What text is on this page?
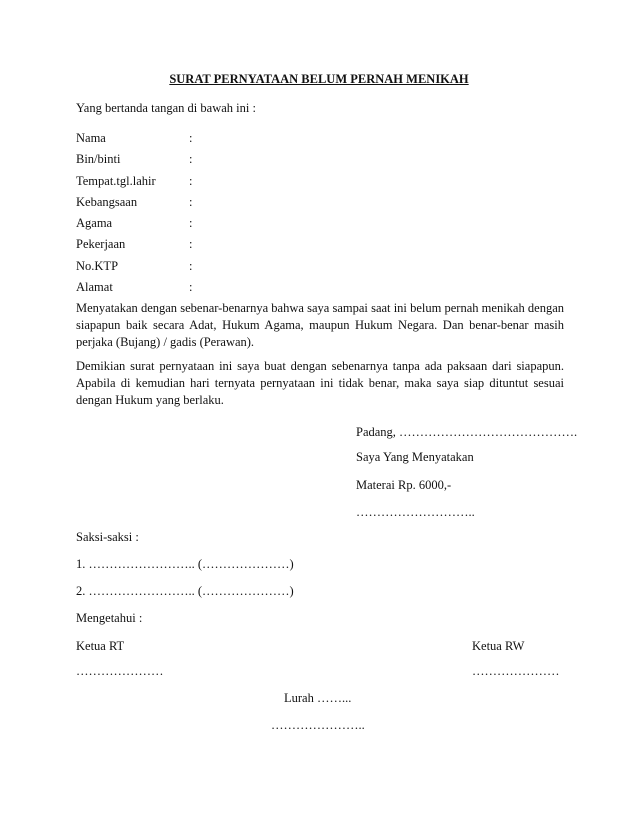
SURAT PERNYATAAN BELUM PERNAH MENIKAH
Yang bertanda tangan di bawah ini :
Nama	:
Bin/binti	:
Tempat.tgl.lahir	:
Kebangsaan	:
Agama	:
Pekerjaan	:
No.KTP	:
Alamat	:
Menyatakan dengan sebenar-benarnya bahwa saya sampai saat ini belum pernah menikah dengan siapapun baik secara Adat, Hukum Agama, maupun Hukum Negara. Dan benar-benar masih perjaka (Bujang) / gadis (Perawan).
Demikian surat pernyataan ini saya buat dengan sebenarnya tanpa ada paksaan dari siapapun. Apabila di kemudian hari ternyata pernyataan ini tidak benar, maka saya siap dituntut sesuai dengan Hukum yang berlaku.
Padang, …………………………………….
Saya Yang Menyatakan
Materai Rp. 6000,-
………………………..
Saksi-saksi :
1. …………………….. (…………………)
2. …………………….. (…………………)
Mengetahui :
Ketua RT
…………………
Ketua RW
…………………
Lurah ……...
…………………..
